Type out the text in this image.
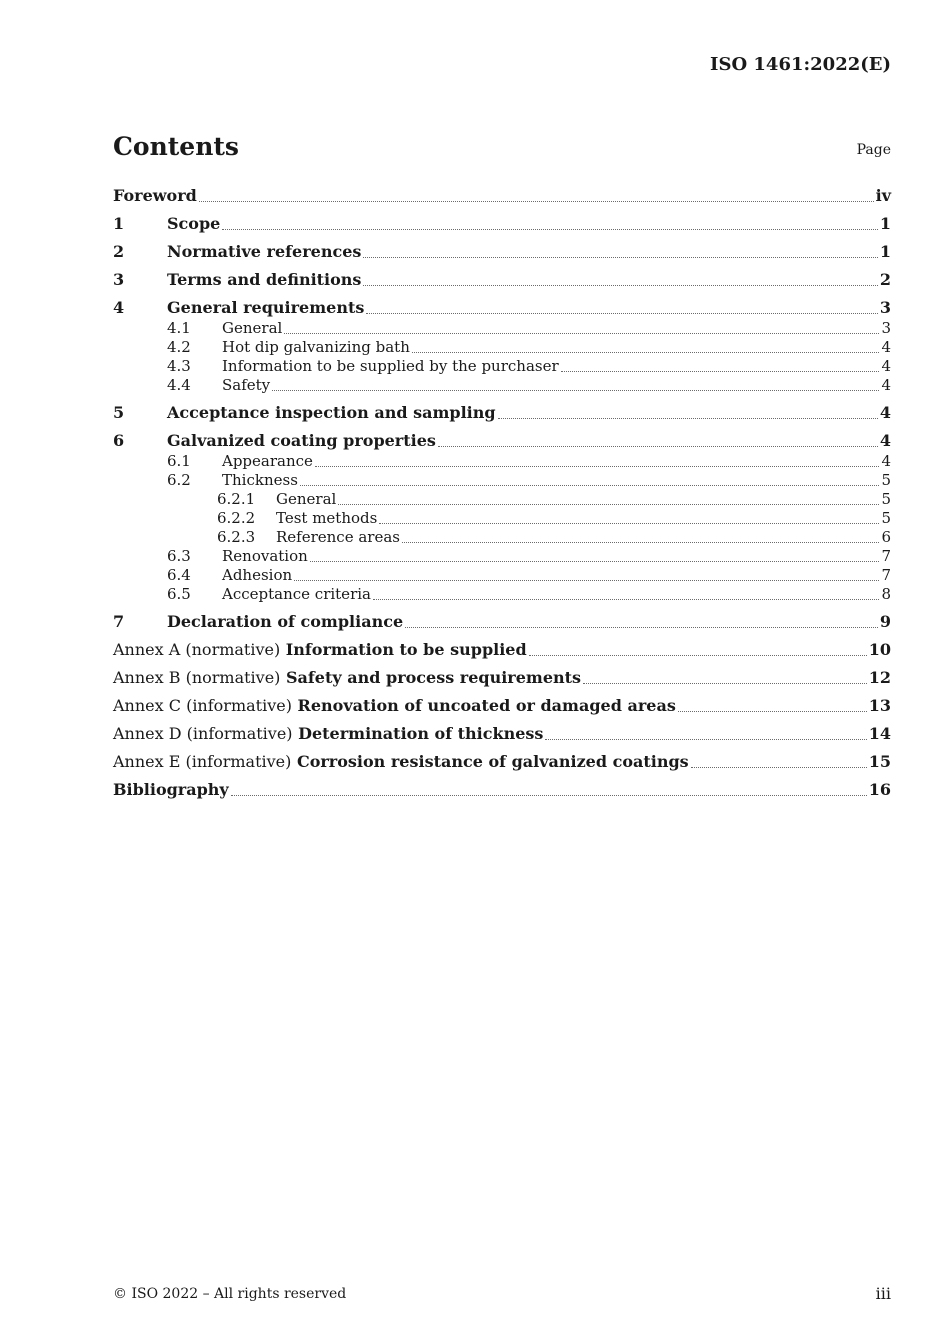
ISO 1461:2022(E)
Contents	Page
Foreword	iv
1	Scope	1
2	Normative references	1
3	Terms and definitions	2
4	General requirements	3
4.1	General	3
4.2	Hot dip galvanizing bath	4
4.3	Information to be supplied by the purchaser	4
4.4	Safety	4
5	Acceptance inspection and sampling	4
6	Galvanized coating properties	4
6.1	Appearance	4
6.2	Thickness	5
6.2.1	General	5
6.2.2	Test methods	5
6.2.3	Reference areas	6
6.3	Renovation	7
6.4	Adhesion	7
6.5	Acceptance criteria	8
7	Declaration of compliance	9
Annex A (normative) Information to be supplied	10
Annex B (normative) Safety and process requirements	12
Annex C (informative) Renovation of uncoated or damaged areas	13
Annex D (informative) Determination of thickness	14
Annex E (informative) Corrosion resistance of galvanized coatings	15
Bibliography	16
© ISO 2022 – All rights reserved	iii
